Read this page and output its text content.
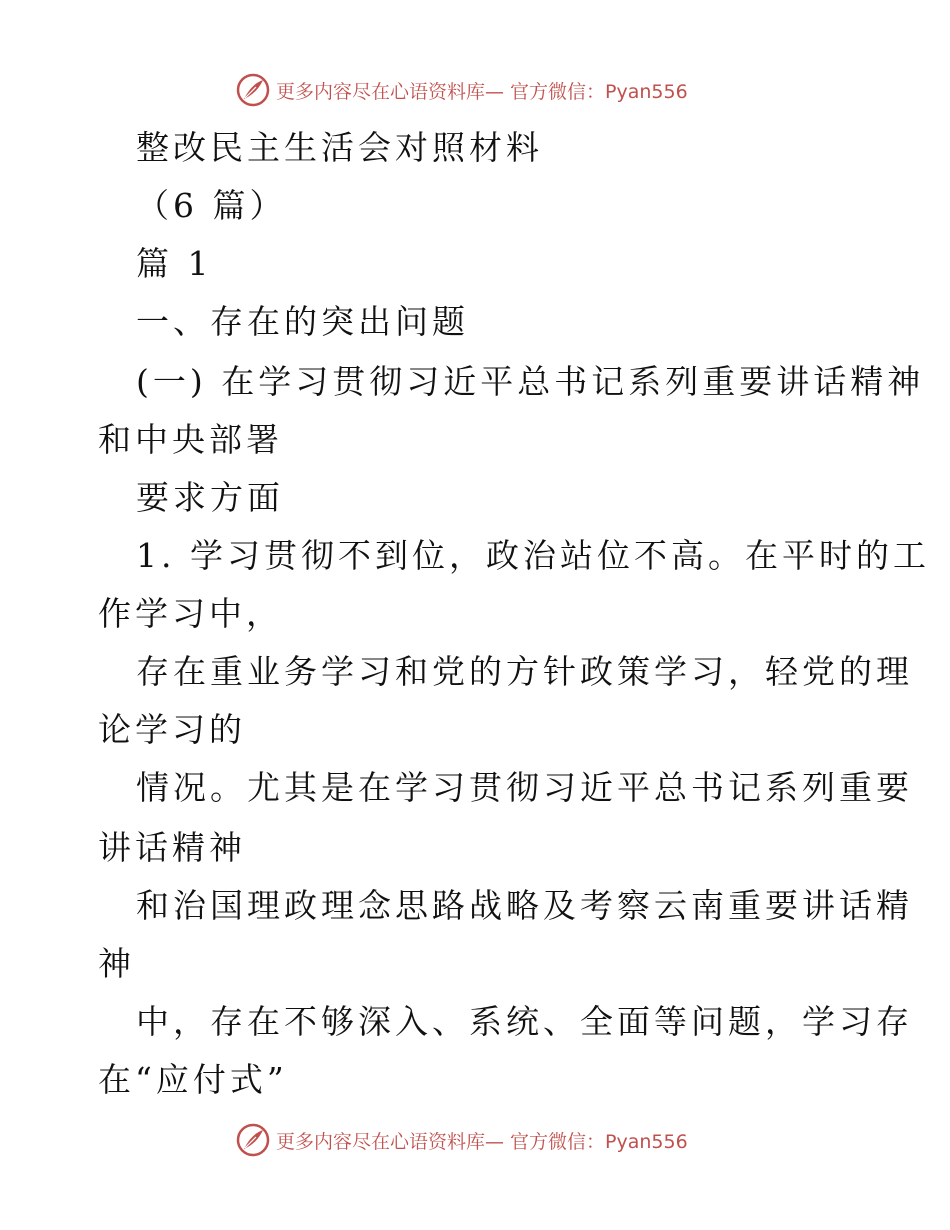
更多内容尽在心语资料库— 官方微信：Pyan556
整改民主生活会对照材料
（6 篇）
篇 1
一、存在的突出问题
(一) 在学习贯彻习近平总书记系列重要讲话精神
和中央部署
要求方面
1. 学习贯彻不到位，政治站位不高。在平时的工
作学习中，
存在重业务学习和党的方针政策学习，轻党的理
论学习的
情况。尤其是在学习贯彻习近平总书记系列重要
讲话精神
和治国理政理念思路战略及考察云南重要讲话精
神
中，存在不够深入、系统、全面等问题，学习存
在“应付式”
更多内容尽在心语资料库— 官方微信：Pyan556
